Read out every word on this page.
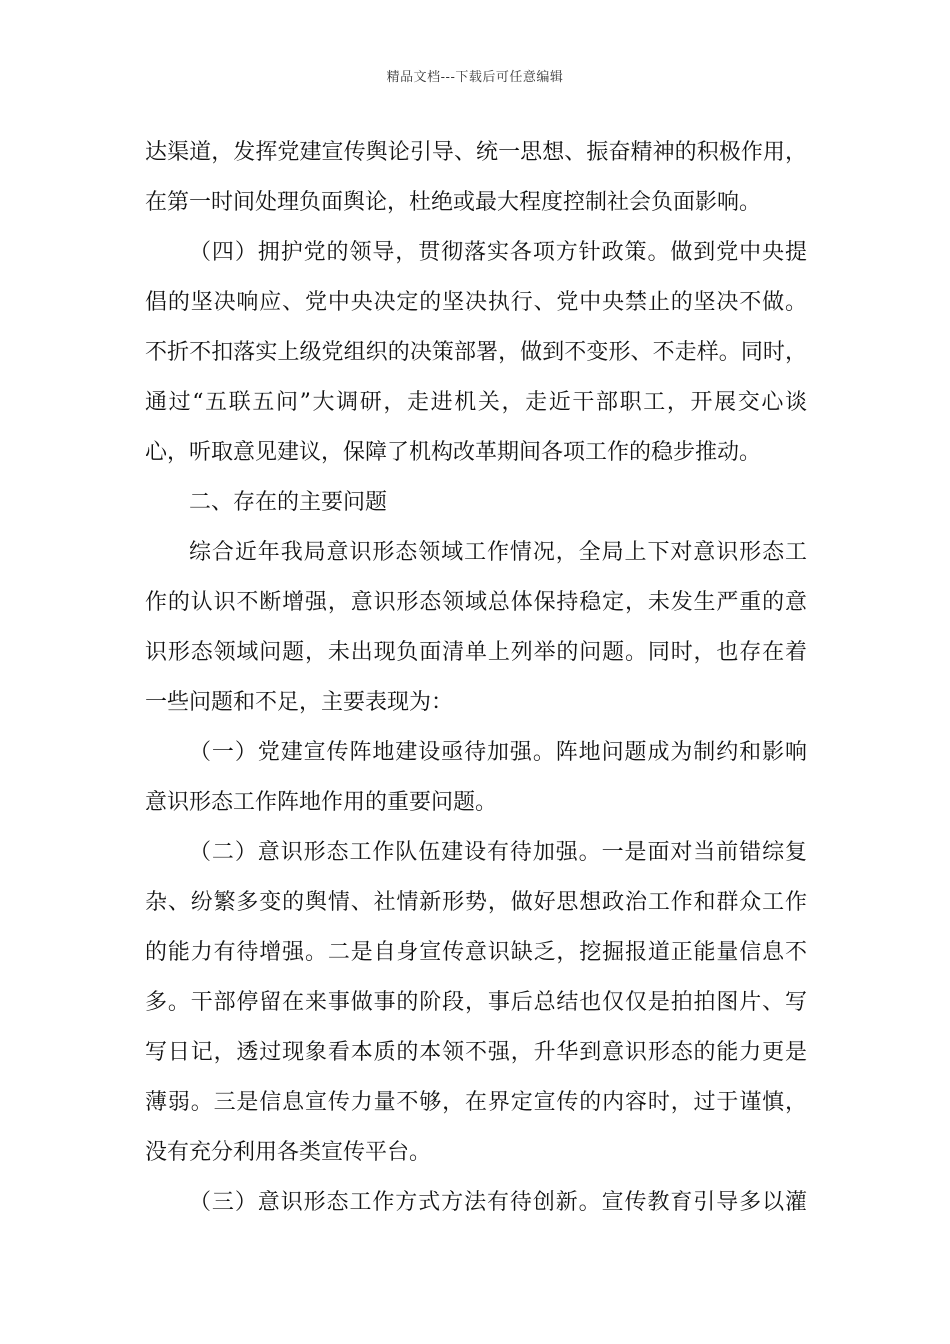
精品文档---下载后可任意编辑
达渠道，发挥党建宣传舆论引导、统一思想、振奋精神的积极作用，
在第一时间处理负面舆论，杜绝或最大程度控制社会负面影响。
（四）拥护党的领导，贯彻落实各项方针政策。做到党中央提
倡的坚决响应、党中央决定的坚决执行、党中央禁止的坚决不做。
不折不扣落实上级党组织的决策部署，做到不变形、不走样。同时，
通过“五联五问”大调研，走进机关，走近干部职工，开展交心谈
心，听取意见建议，保障了机构改革期间各项工作的稳步推动。
二、存在的主要问题
综合近年我局意识形态领域工作情况，全局上下对意识形态工
作的认识不断增强，意识形态领域总体保持稳定，未发生严重的意
识形态领域问题，未出现负面清单上列举的问题。同时，也存在着
一些问题和不足，主要表现为：
（一）党建宣传阵地建设亟待加强。阵地问题成为制约和影响
意识形态工作阵地作用的重要问题。
（二）意识形态工作队伍建设有待加强。一是面对当前错综复
杂、纷繁多变的舆情、社情新形势，做好思想政治工作和群众工作
的能力有待增强。二是自身宣传意识缺乏，挖掘报道正能量信息不
多。干部停留在来事做事的阶段，事后总结也仅仅是拍拍图片、写
写日记，透过现象看本质的本领不强，升华到意识形态的能力更是
薄弱。三是信息宣传力量不够，在界定宣传的内容时，过于谨慎，
没有充分利用各类宣传平台。
（三）意识形态工作方式方法有待创新。宣传教育引导多以灌
